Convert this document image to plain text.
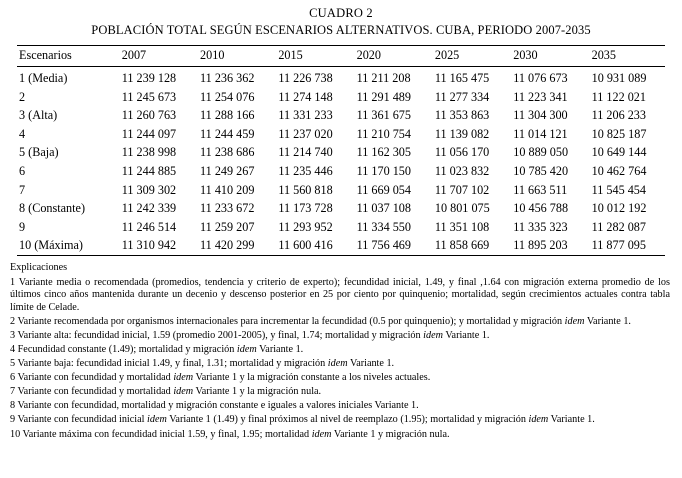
CUADRO 2
POBLACIÓN TOTAL SEGÚN ESCENARIOS ALTERNATIVOS. CUBA, PERIODO 2007-2035
Escenarios	2007	2010	2015	2020	2025	2030	2035
1 (Media)	11 239 128	11 236 362	11 226 738	11 211 208	11 165 475	11 076 673	10 931 089
2	11 245 673	11 254 076	11 274 148	11 291 489	11 277 334	11 223 341	11 122 021
3 (Alta)	11 260 763	11 288 166	11 331 233	11 361 675	11 353 863	11 304 300	11 206 233
4	11 244 097	11 244 459	11 237 020	11 210 754	11 139 082	11 014 121	10 825 187
5 (Baja)	11 238 998	11 238 686	11 214 740	11 162 305	11 056 170	10 889 050	10 649 144
6	11 244 885	11 249 267	11 235 446	11 170 150	11 023 832	10 785 420	10 462 764
7	11 309 302	11 410 209	11 560 818	11 669 054	11 707 102	11 663 511	11 545 454
8 (Constante)	11 242 339	11 233 672	11 173 728	11 037 108	10 801 075	10 456 788	10 012 192
9	11 246 514	11 259 207	11 293 952	11 334 550	11 351 108	11 335 323	11 282 087
10 (Máxima)	11 310 942	11 420 299	11 600 416	11 756 469	11 858 669	11 895 203	11 877 095
Explicaciones
1 Variante media o recomendada (promedios, tendencia y criterio de experto); fecundidad inicial, 1.49, y final ,1.64 con migración externa promedio de los últimos cinco años mantenida durante un decenio y descenso posterior en 25 por ciento por quinquenio; mortalidad, según crecimientos actuales contra tabla límite de Celade.
2 Variante recomendada por organismos internacionales para incrementar la fecundidad (0.5 por quinquenio); y mortalidad y migración idem Variante 1.
3 Variante alta: fecundidad inicial, 1.59 (promedio 2001-2005), y final, 1.74; mortalidad y migración idem Variante 1.
4 Fecundidad constante (1.49); mortalidad y migración idem Variante 1.
5 Variante baja: fecundidad inicial 1.49, y final, 1.31; mortalidad y migración idem Variante 1.
6 Variante con fecundidad y mortalidad idem Variante 1 y la migración constante a los niveles actuales.
7 Variante con fecundidad y mortalidad idem Variante 1 y la migración nula.
8 Variante con fecundidad, mortalidad y migración constante e iguales a valores iniciales Variante 1.
9 Variante con fecundidad inicial idem Variante 1 (1.49) y final próximos al nivel de reemplazo (1.95); mortalidad y migración idem Variante 1.
10 Variante máxima con fecundidad inicial 1.59, y final, 1.95; mortalidad idem Variante 1 y migración nula.
